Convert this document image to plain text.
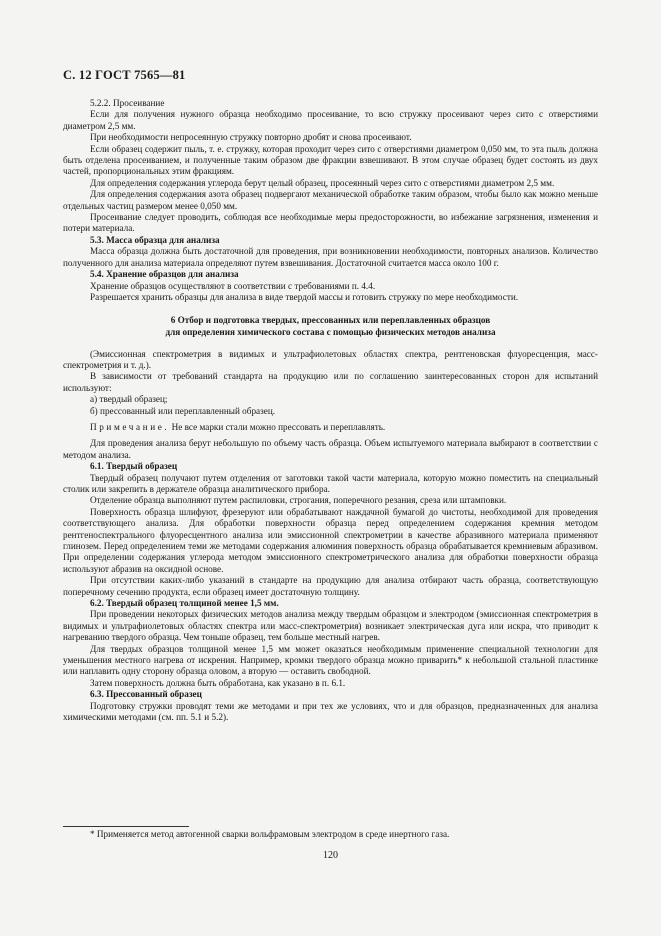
С. 12 ГОСТ 7565—81

5.2.2. Просеивание

Если для получения нужного образца необходимо просеивание, то всю стружку просеивают через сито с отверстиями диаметром 2,5 мм.

При необходимости непросеянную стружку повторно дробят и снова просеивают.

Если образец содержит пыль, т. е. стружку, которая проходит через сито с отверстиями диаметром 0,050 мм, то эта пыль должна быть отделена просеиванием, и полученные таким образом две фракции взвешивают. В этом случае образец будет состоять из двух частей, пропорциональных этим фракциям.

Для определения содержания углерода берут целый образец, просеянный через сито с отверстиями диаметром 2,5 мм.

Для определения содержания азота образец подвергают механической обработке таким образом, чтобы было как можно меньше отдельных частиц размером менее 0,050 мм.

Просеивание следует проводить, соблюдая все необходимые меры предосторожности, во избежание загрязнения, изменения и потери материала.

5.3. Масса образца для анализа

Масса образца должна быть достаточной для проведения, при возникновении необходимости, повторных анализов. Количество полученного для анализа материала определяют путем взвешивания. Достаточной считается масса около 100 г.

5.4. Хранение образцов для анализа

Хранение образцов осуществляют в соответствии с требованиями п. 4.4.

Разрешается хранить образцы для анализа в виде твердой массы и готовить стружку по мере необходимости.

6 Отбор и подготовка твердых, прессованных или переплавленных образцов
для определения химического состава с помощью физических методов анализа

(Эмиссионная спектрометрия в видимых и ультрафиолетовых областях спектра, рентгеновская флуоресценция, масс-спектрометрия и т. д.).

В зависимости от требований стандарта на продукцию или по соглашению заинтересованных сторон для испытаний используют:

а) твердый образец;

б) прессованный или переплавленный образец.

Примечание. Не все марки стали можно прессовать и переплавлять.

Для проведения анализа берут небольшую по объему часть образца. Объем испытуемого материала выбирают в соответствии с методом анализа.

6.1. Твердый образец

Твердый образец получают путем отделения от заготовки такой части материала, которую можно поместить на специальный столик или закрепить в держателе образца аналитического прибора.

Отделение образца выполняют путем распиловки, строгания, поперечного резания, среза или штамповки.

Поверхность образца шлифуют, фрезеруют или обрабатывают наждачной бумагой до чистоты, необходимой для проведения соответствующего анализа. Для обработки поверхности образца перед определением содержания кремния методом рентгеноспектрального флуоресцентного анализа или эмиссионной спектрометрии в качестве абразивного материала применяют глинозем. Перед определением теми же методами содержания алюминия поверхность образца обрабатывается кремниевым абразивом. При определении содержания углерода методом эмиссионного спектрометрического анализа для обработки поверхности образца используют абразив на оксидной основе.

При отсутствии каких-либо указаний в стандарте на продукцию для анализа отбирают часть образца, соответствующую поперечному сечению продукта, если образец имеет достаточную толщину.

6.2. Твердый образец толщиной менее 1,5 мм.

При проведении некоторых физических методов анализа между твердым образцом и электродом (эмиссионная спектрометрия в видимых и ультрафиолетовых областях спектра или масс-спектрометрия) возникает электрическая дуга или искра, что приводит к нагреванию твердого образца. Чем тоньше образец, тем больше местный нагрев.

Для твердых образцов толщиной менее 1,5 мм может оказаться необходимым применение специальной технологии для уменьшения местного нагрева от искрения. Например, кромки твердого образца можно приварить* к небольшой стальной пластинке или наплавить одну сторону образца оловом, а вторую — оставить свободной.

Затем поверхность должна быть обработана, как указано в п. 6.1.

6.3. Прессованный образец

Подготовку стружки проводят теми же методами и при тех же условиях, что и для образцов, предназначенных для анализа химическими методами (см. пп. 5.1 и 5.2).

* Применяется метод автогенной сварки вольфрамовым электродом в среде инертного газа.
120
